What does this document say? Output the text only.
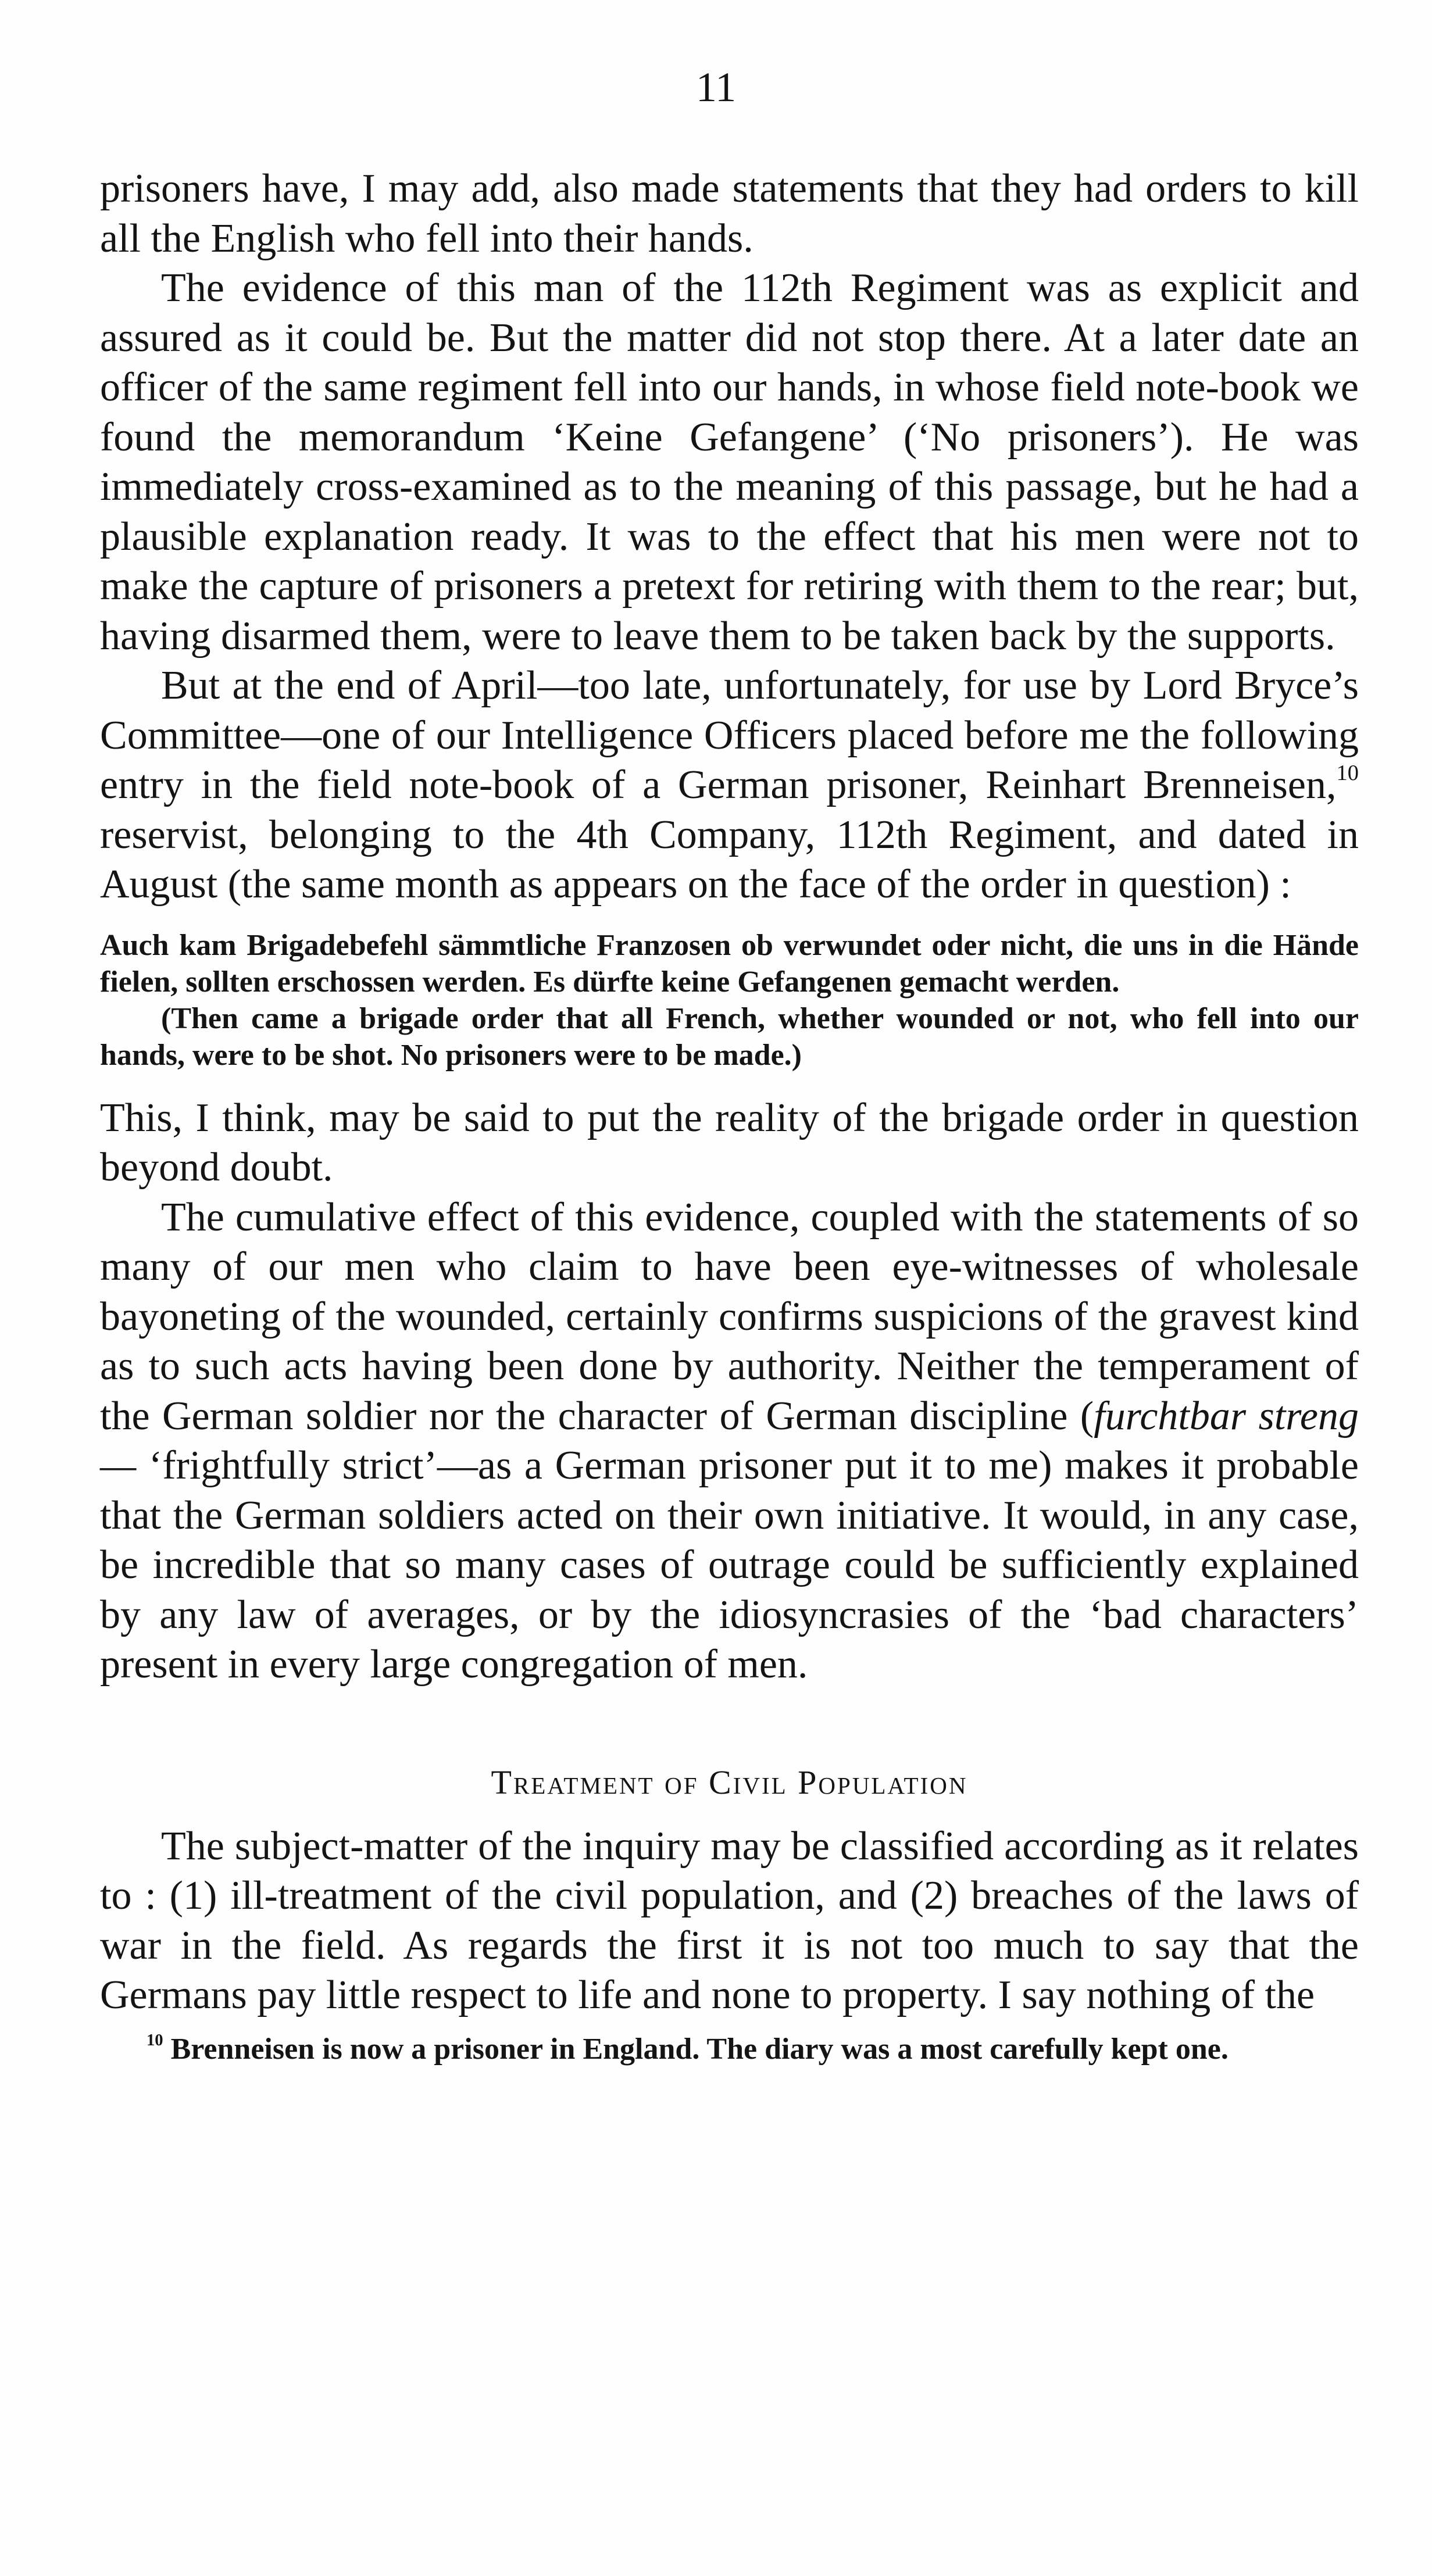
11

prisoners have, I may add, also made statements that they had orders to kill all the English who fell into their hands.

The evidence of this man of the 112th Regiment was as explicit and assured as it could be. But the matter did not stop there. At a later date an officer of the same regiment fell into our hands, in whose field note-book we found the memorandum ‘Keine Gefangene’ (‘No prisoners’). He was immediately cross-examined as to the meaning of this passage, but he had a plausible explanation ready. It was to the effect that his men were not to make the capture of prisoners a pretext for retiring with them to the rear; but, having disarmed them, were to leave them to be taken back by the supports.

But at the end of April—too late, unfortunately, for use by Lord Bryce’s Committee—one of our Intelligence Officers placed before me the following entry in the field note-book of a German prisoner, Reinhart Brenneisen,$^{10}$ reservist, belonging to the 4th Company, 112th Regiment, and dated in August (the same month as appears on the face of the order in question) :

Auch kam Brigadebefehl sämmtliche Franzosen ob verwundet oder nicht, die uns in die Hände fielen, sollten erschossen werden. Es dürfte keine Gefangenen gemacht werden.

(Then came a brigade order that all French, whether wounded or not, who fell into our hands, were to be shot. No prisoners were to be made.)

This, I think, may be said to put the reality of the brigade order in question beyond doubt.

The cumulative effect of this evidence, coupled with the statements of so many of our men who claim to have been eye-witnesses of wholesale bayoneting of the wounded, certainly confirms suspicions of the gravest kind as to such acts having been done by authority. Neither the temperament of the German soldier nor the character of German discipline (furchtbar streng— ‘frightfully strict’—as a German prisoner put it to me) makes it probable that the German soldiers acted on their own initiative. It would, in any case, be incredible that so many cases of outrage could be sufficiently explained by any law of averages, or by the idiosyncrasies of the ‘bad characters’ present in every large congregation of men.

Treatment of Civil Population

The subject-matter of the inquiry may be classified according as it relates to : (1) ill-treatment of the civil population, and (2) breaches of the laws of war in the field. As regards the first it is not too much to say that the Germans pay little respect to life and none to property. I say nothing of the

$^{10}$ Brenneisen is now a prisoner in England. The diary was a most carefully kept one.
